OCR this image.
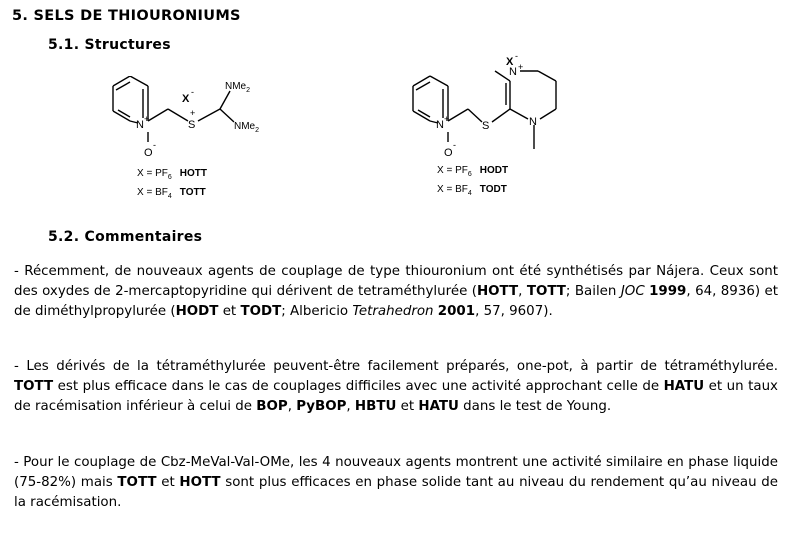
5. SELS DE THIOURONIUMS
5.1. Structures
N +
O
-
S
+
X
-	NMe$_2$
NMe$_2$
$X = PF_6$ HOTT
$X = BF_4$ TOTT
N +
O
-
S
X -
N +
N
$X = PF_6$ HODT
$X = BF_4$ TODT
5.2. Commentaires
- Récemment, de nouveaux agents de couplage de type thiouronium ont été synthétisés par Nájera. Ceux sont des oxydes de 2-mercaptopyridine qui dérivent de tetraméthylurée (HOTT, TOTT; Bailen JOC 1999, 64, 8936) et de diméthylpropylurée (HODT et TODT; Albericio Tetrahedron 2001, 57, 9607).
- Les dérivés de la tétraméthylurée peuvent-être facilement préparés, one-pot, à partir de tétraméthylurée. TOTT est plus efficace dans le cas de couplages difficiles avec une activité approchant celle de HATU et un taux de racémisation inférieur à celui de BOP, PyBOP, HBTU et HATU dans le test de Young.
- Pour le couplage de Cbz-MeVal-Val-OMe, les 4 nouveaux agents montrent une activité similaire en phase liquide (75-82%) mais TOTT et HOTT sont plus efficaces en phase solide tant au niveau du rendement qu’au niveau de la racémisation.
